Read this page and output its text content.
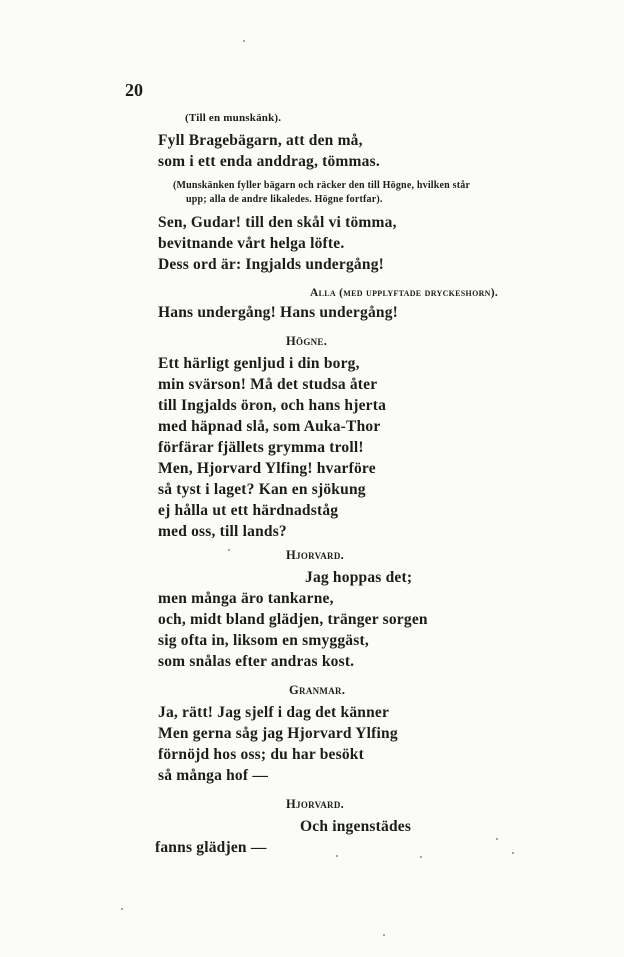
20
(Till en munskänk).
Fyll Bragebägarn, att den må,
som i ett enda anddrag, tömmas.
(Munskänken fyller bägarn och räcker den till Högne, hvilken står
upp; alla de andre likaledes. Högne fortfar).
Sen, Gudar! till den skål vi tömma,
bevitnande vårt helga löfte.
Dess ord är: Ingjalds undergång!
Alla (med upplyftade dryckeshorn).
Hans undergång! Hans undergång!
Högne.
Ett härligt genljud i din borg,
min svärson! Må det studsa åter
till Ingjalds öron, och hans hjerta
med häpnad slå, som Auka-Thor
förfärar fjällets grymma troll!
Men, Hjorvard Ylfing! hvarföre
så tyst i laget? Kan en sjökung
ej hålla ut ett härdnadståg
med oss, till lands?
Hjorvard.
Jag hoppas det;
men många äro tankarne,
och, midt bland glädjen, tränger sorgen
sig ofta in, liksom en smyggäst,
som snålas efter andras kost.
Granmar.
Ja, rätt! Jag sjelf i dag det känner
Men gerna såg jag Hjorvard Ylfing
förnöjd hos oss; du har besökt
så många hof —
Hjorvard.
Och ingenstädes
fanns glädjen —
